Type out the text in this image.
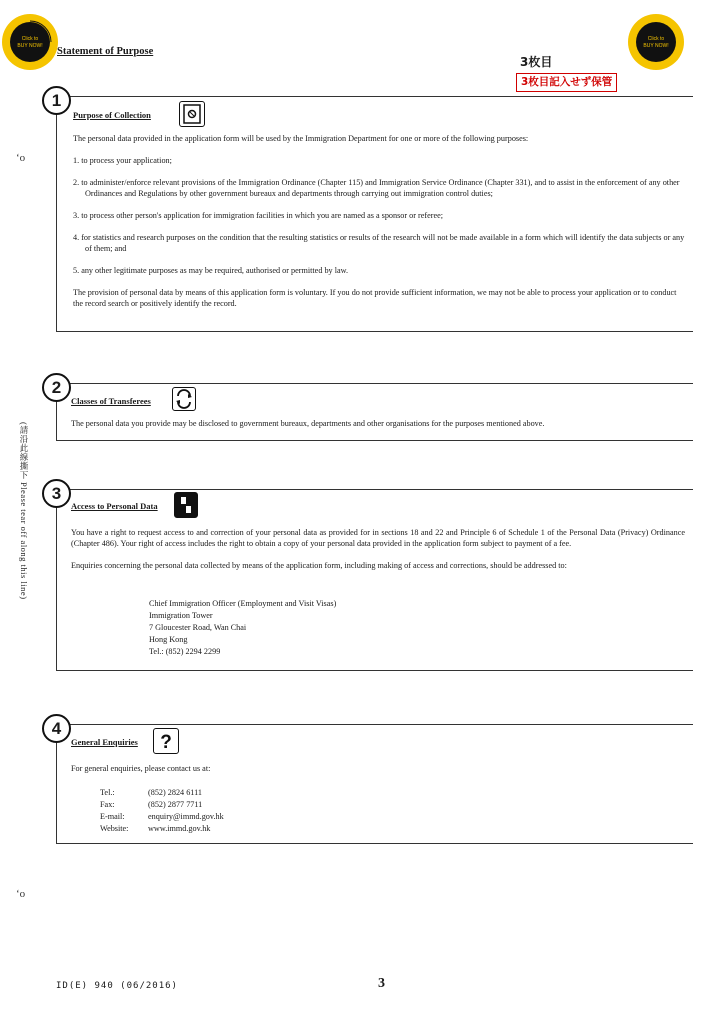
Click to
BUY NOW!
Click to
BUY NOW!
Statement of Purpose
3枚目
3枚目記入せず保管
ʻo
(請沿此線撕下 Please tear off along this line)
ʻo
1
Purpose of Collection

The personal data provided in the application form will be used by the Immigration Department for one or more of the following purposes:

1. to process your application;

2. to administer/enforce relevant provisions of the Immigration Ordinance (Chapter 115) and Immigration Service Ordinance (Chapter 331), and to assist in the enforcement of any other Ordinances and Regulations by other government bureaux and departments through carrying out immigration control duties;

3. to process other person's application for immigration facilities in which you are named as a sponsor or referee;

4. for statistics and research purposes on the condition that the resulting statistics or results of the research will not be made available in a form which will identify the data subjects or any of them; and

5. any other legitimate purposes as may be required, authorised or permitted by law.

The provision of personal data by means of this application form is voluntary. If you do not provide sufficient information, we may not be able to process your application or to conduct the record search or positively identify the record.

2
Classes of Transferees
The personal data you provide may be disclosed to government bureaux, departments and other organisations for the purposes mentioned above.
3
Access to Personal Data

You have a right to request access to and correction of your personal data as provided for in sections 18 and 22 and Principle 6 of Schedule 1 of the Personal Data (Privacy) Ordinance (Chapter 486). Your right of access includes the right to obtain a copy of your personal data provided in the application form subject to payment of a fee.

Enquiries concerning the personal data collected by means of the application form, including making of access and corrections, should be addressed to:

Chief Immigration Officer (Employment and Visit Visas)

Immigration Tower

7 Gloucester Road, Wan Chai

Hong Kong

Tel.: (852) 2294 2299

4
General Enquiries ?
For general enquiries, please contact us at:
Tel.:	(852) 2824 6111
Fax:	(852) 2877 7711
E-mail:	enquiry@immd.gov.hk
Website:	www.immd.gov.hk
ID(E) 940 (06/2016)	3
